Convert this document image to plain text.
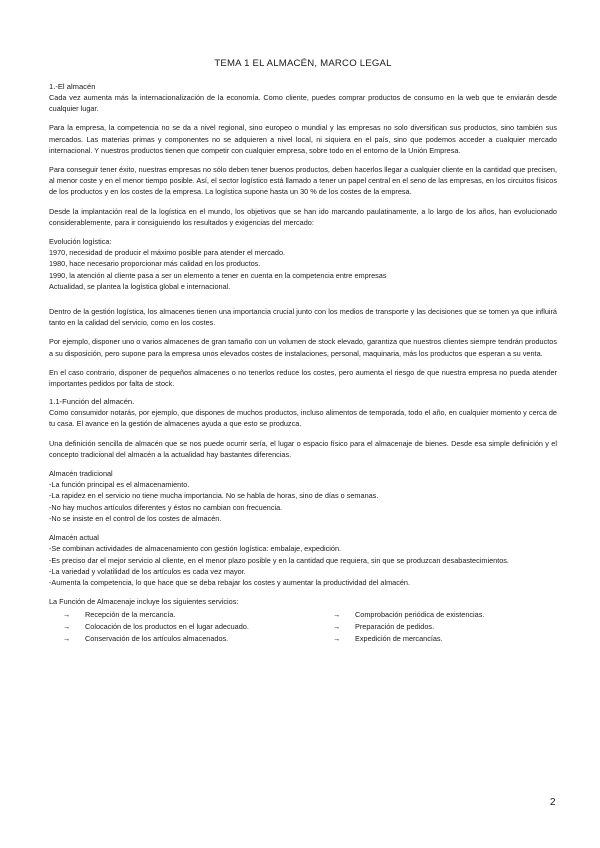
TEMA 1 EL ALMACÉN, MARCO LEGAL
1.-El almacén

Cada vez aumenta más la internacionalización de la economía. Como cliente, puedes comprar productos de consumo en la web que te enviarán desde cualquier lugar.

Para la empresa, la competencia no se da a nivel regional, sino europeo o mundial y las empresas no solo diversifican sus productos, sino también sus mercados. Las materias primas y componentes no se adquieren a nivel local, ni siquiera en el país, sino que podemos acceder a cualquier mercado internacional. Y nuestros productos tienen que competir con cualquier empresa, sobre todo en el entorno de la Unión Empresa.

Para conseguir tener éxito, nuestras empresas no sólo deben tener buenos productos, deben hacerlos llegar a cualquier cliente en la cantidad que precisen, al menor coste y en el menor tiempo posible. Así, el sector logístico está llamado a tener un papel central en el seno de las empresas, en los circuitos físicos de los productos y en los costes de la empresa. La logística supone hasta un 30 % de los costes de la empresa.

Desde la implantación real de la logística en el mundo, los objetivos que se han ido marcando paulatinamente, a lo largo de los años, han evolucionado considerablemente, para ir consiguiendo los resultados y exigencias del mercado:

Evolución logística:
1970, necesidad de producir el máximo posible para atender el mercado.
1980, hace necesario proporcionar más calidad en los productos.
1990, la atención al cliente pasa a ser un elemento a tener en cuenta en la competencia entre empresas
Actualidad, se plantea la logística global e internacional.

Dentro de la gestión logística, los almacenes tienen una importancia crucial junto con los medios de transporte y las decisiones que se tomen ya que influirá tanto en la calidad del servicio, como en los costes.

Por ejemplo, disponer uno o varios almacenes de gran tamaño con un volumen de stock elevado, garantiza que nuestros clientes siempre tendrán productos a su disposición, pero supone para la empresa unos elevados costes de instalaciones, personal, maquinaria, más los productos que esperan a su venta.

En el caso contrario, disponer de pequeños almacenes o no tenerlos reduce los costes, pero aumenta el riesgo de que nuestra empresa no pueda atender importantes pedidos por falta de stock.

1.1-Función del almacén.

Como consumidor notarás, por ejemplo, que dispones de muchos productos, incluso alimentos de temporada, todo el año, en cualquier momento y cerca de tu casa. El avance en la gestión de almacenes ayuda a que esto se produzca.

Una definición sencilla de almacén que se nos puede ocurrir sería, el lugar o espacio físico para el almacenaje de bienes. Desde esa simple definición y el concepto tradicional del almacén a la actualidad hay bastantes diferencias.

Almacén tradicional
-La función principal es el almacenamiento.
-La rapidez en el servicio no tiene mucha importancia. No se habla de horas, sino de días o semanas.
-No hay muchos artículos diferentes y éstos no cambian con frecuencia.
-No se insiste en el control de los costes de almacén.
Almacén actual
-Se combinan actividades de almacenamiento con gestión logística: embalaje, expedición.
-Es preciso dar el mejor servicio al cliente, en el menor plazo posible y en la cantidad que requiera, sin que se produzcan desabastecimientos.
-La variedad y volatilidad de los artículos es cada vez mayor.
-Aumenta la competencia, lo que hace que se deba rebajar los costes y aumentar la productividad del almacén.
La Función de Almacenaje incluye los siguientes servicios:
→	Recepción de la mercancía.
→	Colocación de los productos en el lugar adecuado.
→	Conservación de los artículos almacenados.
→	Comprobación periódica de existencias.
→	Preparación de pedidos.
→	Expedición de mercancías.
2
